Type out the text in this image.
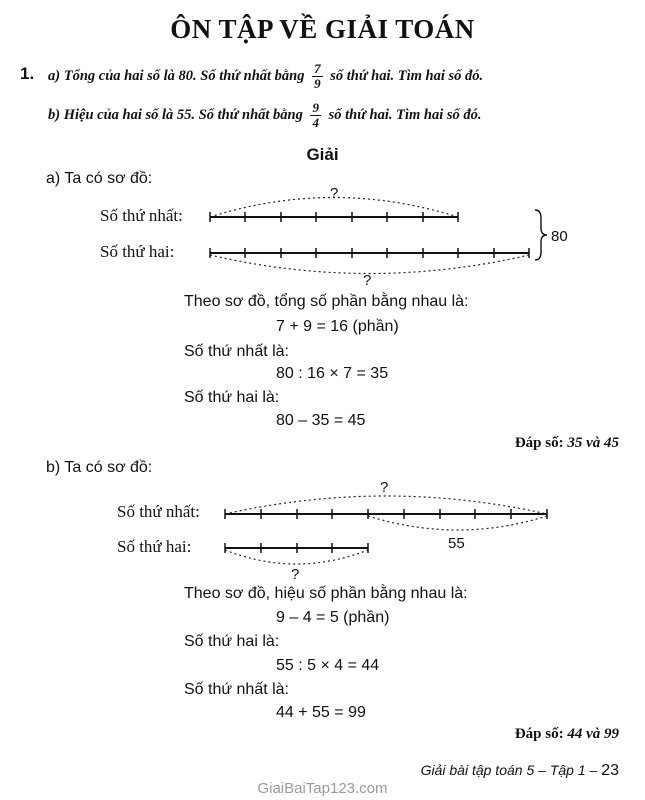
ÔN TẬP VỀ GIẢI TOÁN
1. a) Tổng của hai số là 80. Số thứ nhất bằng $\frac{7}{9}$ số thứ hai. Tìm hai số đó.
b) Hiệu của hai số là 55. Số thứ nhất bằng $\frac{9}{4}$ số thứ hai. Tìm hai số đó.
Giải
a) Ta có sơ đồ:
?
?
80
Số thứ nhất:
Số thứ hai:
Theo sơ đồ, tổng số phần bằng nhau là:
7 + 9 = 16 (phần)
Số thứ nhất là:
80 : 16 × 7 = 35
Số thứ hai là:
80 – 35 = 45
Đáp số: 35 và 45
b) Ta có sơ đồ:
?
55
?
Số thứ nhất:
Số thứ hai:
Theo sơ đồ, hiệu số phần bằng nhau là:
9 – 4 = 5 (phần)
Số thứ hai là:
55 : 5 × 4 = 44
Số thứ nhất là:
44 + 55 = 99
Đáp số: 44 và 99
Giải bài tập toán 5 – Tập 1 – 23
GiaiBaiTap123.com
